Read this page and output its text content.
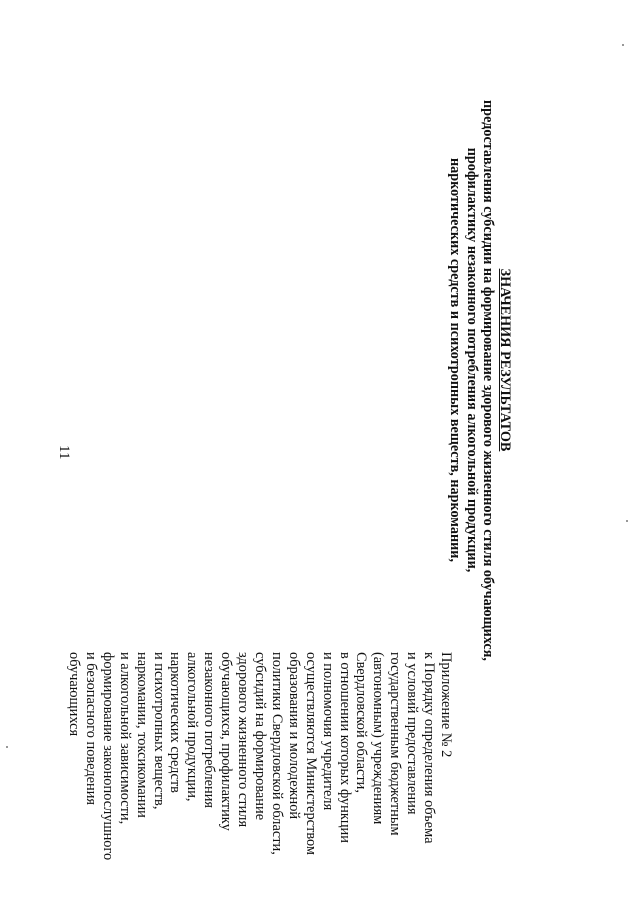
11
Приложение № 2
к Порядку определения объема
и условий предоставления
государственным бюджетным
(автономным) учреждениям
Свердловской области,
в отношении которых функции
и полномочия учредителя
осуществляются Министерством
образования и молодежной
политики Свердловской области,
субсидий на формирование
здорового жизненного стиля
обучающихся, профилактику
незаконного потребления
алкогольной продукции,
наркотических средств
и психотропных веществ,
наркомании, токсикомании
и алкогольной зависимости,
формирование законопослушного
и безопасного поведения
обучающихся
ЗНАЧЕНИЯ РЕЗУЛЬТАТОВ
предоставления субсидии на формирование здорового жизненного стиля обучающихся,
профилактику незаконного потребления алкогольной продукции,
наркотических средств и психотропных веществ, наркомании,
